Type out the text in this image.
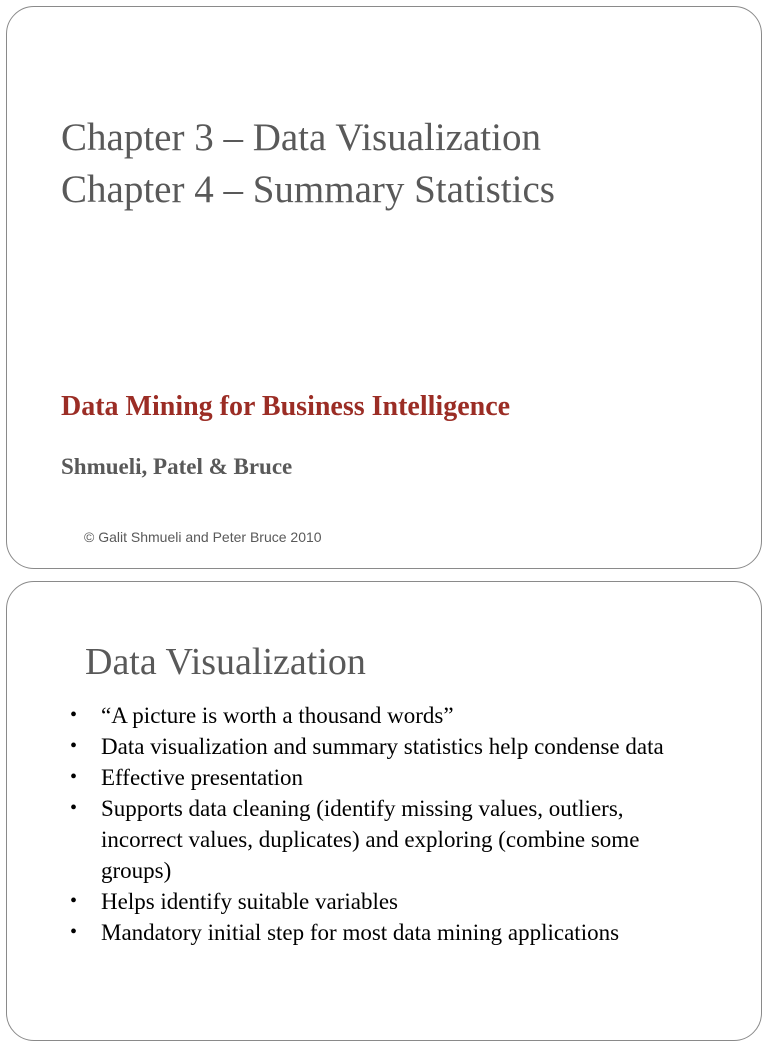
Chapter 3 – Data Visualization
Chapter 4 – Summary Statistics
Data Mining for Business Intelligence
Shmueli, Patel & Bruce
© Galit Shmueli and Peter Bruce 2010
Data Visualization
• “A picture is worth a thousand words”
• Data visualization and summary statistics help condense data
• Effective presentation
• Supports data cleaning (identify missing values, outliers, incorrect values, duplicates) and exploring (combine some groups)
• Helps identify suitable variables
• Mandatory initial step for most data mining applications
